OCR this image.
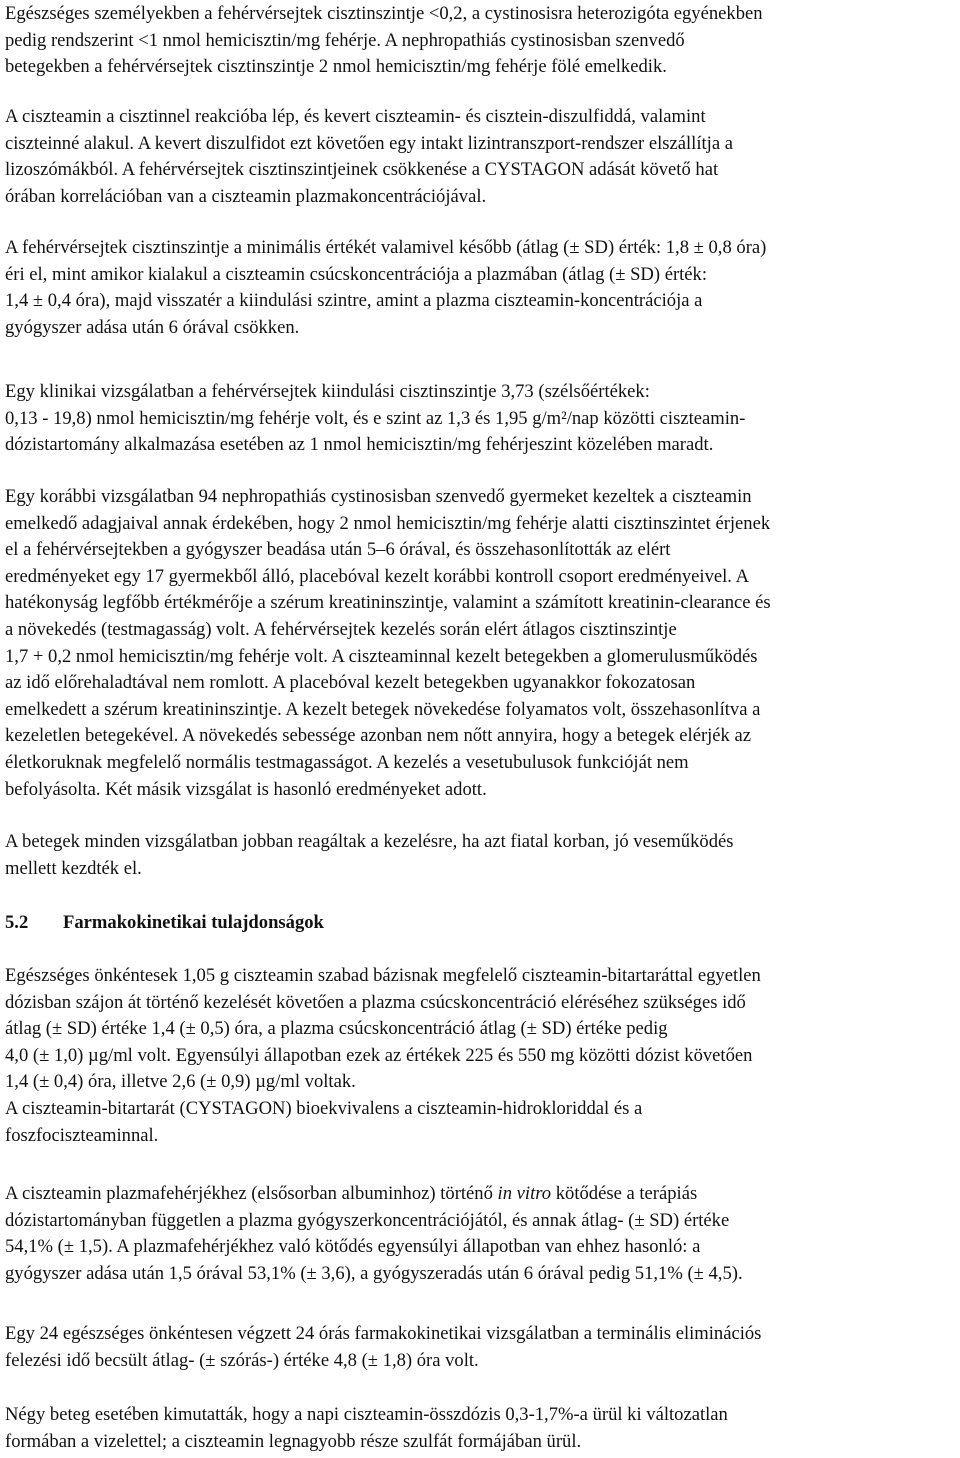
Egészséges személyekben a fehérvérsejtek cisztinszintje <0,2, a cystinosisra heterozigóta egyénekben
pedig rendszerint <1 nmol hemicisztin/mg fehérje. A nephropathiás cystinosisban szenvedő
betegekben a fehérvérsejtek cisztinszintje 2 nmol hemicisztin/mg fehérje fölé emelkedik.
A ciszteamin a cisztinnel reakcióba lép, és kevert ciszteamin- és cisztein-diszulfiddá, valamint
ciszteinné alakul. A kevert diszulfidot ezt követően egy intakt lizintranszport-rendszer elszállítja a
lizoszómákból. A fehérvérsejtek cisztinszintjeinek csökkenése a CYSTAGON adását követő hat
órában korrelációban van a ciszteamin plazmakoncentrációjával.
A fehérvérsejtek cisztinszintje a minimális értékét valamivel később (átlag (± SD) érték: 1,8 ± 0,8 óra)
éri el, mint amikor kialakul a ciszteamin csúcskoncentrációja a plazmában (átlag (± SD) érték:
1,4 ± 0,4 óra), majd visszatér a kiindulási szintre, amint a plazma ciszteamin-koncentrációja a
gyógyszer adása után 6 órával csökken.
Egy klinikai vizsgálatban a fehérvérsejtek kiindulási cisztinszintje 3,73 (szélsőértékek:
0,13 - 19,8) nmol hemicisztin/mg fehérje volt, és e szint az 1,3 és 1,95 g/m²/nap közötti ciszteamin-
dózistartomány alkalmazása esetében az 1 nmol hemicisztin/mg fehérjeszint közelében maradt.
Egy korábbi vizsgálatban 94 nephropathiás cystinosisban szenvedő gyermeket kezeltek a ciszteamin
emelkedő adagjaival annak érdekében, hogy 2 nmol hemicisztin/mg fehérje alatti cisztinszintet érjenek
el a fehérvérsejtekben a gyógyszer beadása után 5–6 órával, és összehasonlították az elért
eredményeket egy 17 gyermekből álló, placebóval kezelt korábbi kontroll csoport eredményeivel. A
hatékonyság legfőbb értékmérője a szérum kreatininszintje, valamint a számított kreatinin-clearance és
a növekedés (testmagasság) volt. A fehérvérsejtek kezelés során elért átlagos cisztinszintje
1,7 + 0,2 nmol hemicisztin/mg fehérje volt. A ciszteaminnal kezelt betegekben a glomerulusműködés
az idő előrehaladtával nem romlott. A placebóval kezelt betegekben ugyanakkor fokozatosan
emelkedett a szérum kreatininszintje. A kezelt betegek növekedése folyamatos volt, összehasonlítva a
kezeletlen betegekével. A növekedés sebessége azonban nem nőtt annyira, hogy a betegek elérjék az
életkoruknak megfelelő normális testmagasságot. A kezelés a vesetubulusok funkcióját nem
befolyásolta. Két másik vizsgálat is hasonló eredményeket adott.
A betegek minden vizsgálatban jobban reagáltak a kezelésre, ha azt fiatal korban, jó veseműködés
mellett kezdték el.
5.2 Farmakokinetikai tulajdonságok
Egészséges önkéntesek 1,05 g ciszteamin szabad bázisnak megfelelő ciszteamin-bitartaráttal egyetlen
dózisban szájon át történő kezelését követően a plazma csúcskoncentráció eléréséhez szükséges idő
átlag (± SD) értéke 1,4 (± 0,5) óra, a plazma csúcskoncentráció átlag (± SD) értéke pedig
4,0 (± 1,0) µg/ml volt. Egyensúlyi állapotban ezek az értékek 225 és 550 mg közötti dózist követően
1,4 (± 0,4) óra, illetve 2,6 (± 0,9) µg/ml voltak.
A ciszteamin-bitartarát (CYSTAGON) bioekvivalens a ciszteamin-hidrokloriddal és a
foszfociszteaminnal.
A ciszteamin plazmafehérjékhez (elsősorban albuminhoz) történő in vitro kötődése a terápiás
dózistartományban független a plazma gyógyszerkoncentrációjától, és annak átlag- (± SD) értéke
54,1% (± 1,5). A plazmafehérjékhez való kötődés egyensúlyi állapotban van ehhez hasonló: a
gyógyszer adása után 1,5 órával 53,1% (± 3,6), a gyógyszeradás után 6 órával pedig 51,1% (± 4,5).
Egy 24 egészséges önkéntesen végzett 24 órás farmakokinetikai vizsgálatban a terminális eliminációs
felezési idő becsült átlag- (± szórás-) értéke 4,8 (± 1,8) óra volt.
Négy beteg esetében kimutatták, hogy a napi ciszteamin-összdózis 0,3-1,7%-a ürül ki változatlan
formában a vizelettel; a ciszteamin legnagyobb része szulfát formájában ürül.
